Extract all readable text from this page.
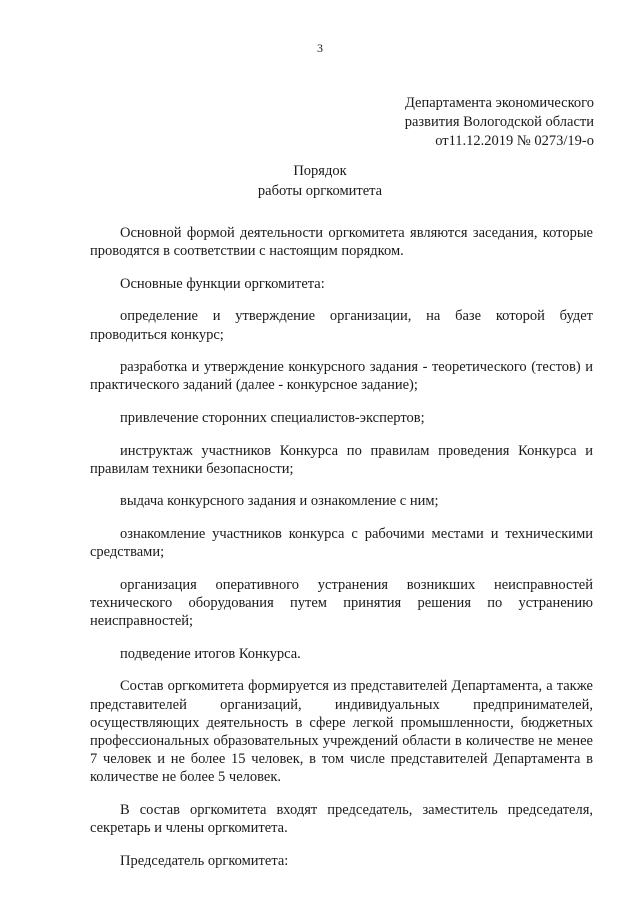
3
Департамента экономического
развития Вологодской области
от11.12.2019 № 0273/19-о
Порядок
работы оргкомитета

Основной формой деятельности оргкомитета являются заседания, которые проводятся в соответствии с настоящим порядком.

Основные функции оргкомитета:

определение и утверждение организации, на базе которой будет проводиться конкурс;

разработка и утверждение конкурсного задания - теоретического (тестов) и практического заданий (далее - конкурсное задание);

привлечение сторонних специалистов-экспертов;

инструктаж участников Конкурса по правилам проведения Конкурса и правилам техники безопасности;

выдача конкурсного задания и ознакомление с ним;

ознакомление участников конкурса с рабочими местами и техническими средствами;

организация оперативного устранения возникших неисправностей технического оборудования путем принятия решения по устранению неисправностей;

подведение итогов Конкурса.

Состав оргкомитета формируется из представителей Департамента, а также представителей организаций, индивидуальных предпринимателей, осуществляющих деятельность в сфере легкой промышленности, бюджетных профессиональных образовательных учреждений области в количестве не менее 7 человек и не более 15 человек, в том числе представителей Департамента в количестве не более 5 человек.

В состав оргкомитета входят председатель, заместитель председателя, секретарь и члены оргкомитета.

Председатель оргкомитета:
